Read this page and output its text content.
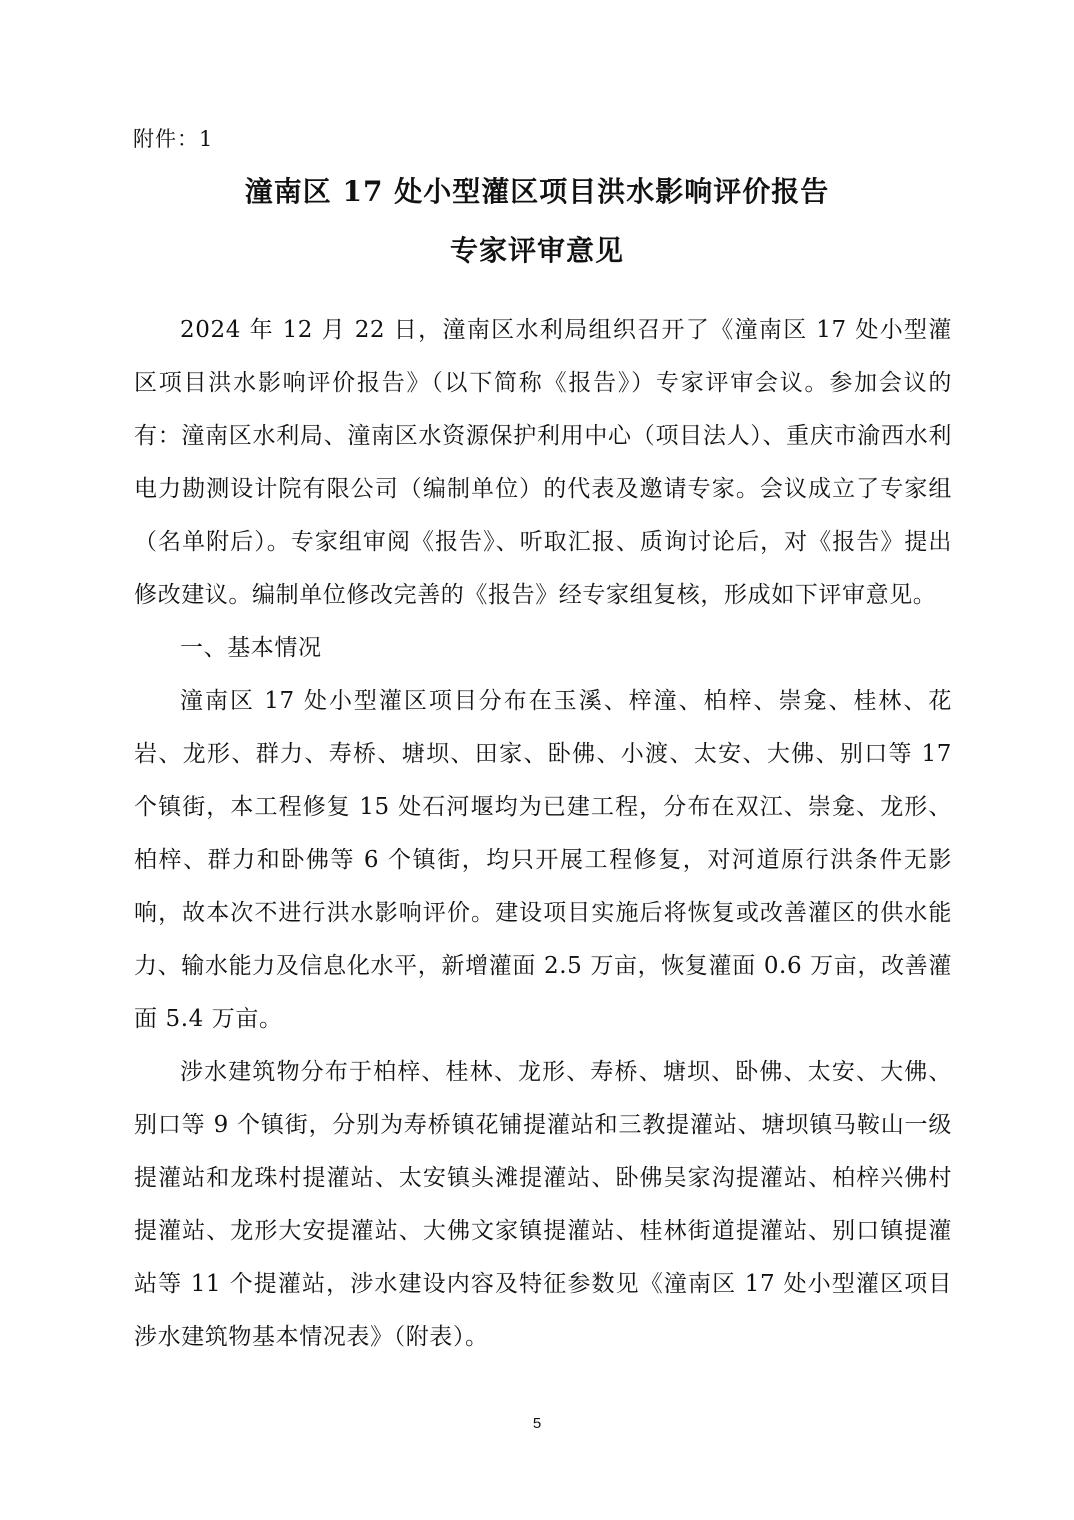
附件：1
潼南区 17 处小型灌区项目洪水影响评价报告
专家评审意见

2024 年 12 月 22 日，潼南区水利局组织召开了《潼南区 17 处小型灌区项目洪水影响评价报告》（以下简称《报告》）专家评审会议。参加会议的有：潼南区水利局、潼南区水资源保护利用中心（项目法人）、重庆市渝西水利电力勘测设计院有限公司（编制单位）的代表及邀请专家。会议成立了专家组（名单附后）。专家组审阅《报告》、听取汇报、质询讨论后，对《报告》提出修改建议。编制单位修改完善的《报告》经专家组复核，形成如下评审意见。

一、基本情况

潼南区 17 处小型灌区项目分布在玉溪、梓潼、柏梓、崇龛、桂林、花岩、龙形、群力、寿桥、塘坝、田家、卧佛、小渡、太安、大佛、别口等 17 个镇街，本工程修复 15 处石河堰均为已建工程，分布在双江、崇龛、龙形、柏梓、群力和卧佛等 6 个镇街，均只开展工程修复，对河道原行洪条件无影响，故本次不进行洪水影响评价。建设项目实施后将恢复或改善灌区的供水能力、输水能力及信息化水平，新增灌面 2.5 万亩，恢复灌面 0.6 万亩，改善灌面 5.4 万亩。

涉水建筑物分布于柏梓、桂林、龙形、寿桥、塘坝、卧佛、太安、大佛、别口等 9 个镇街，分别为寿桥镇花铺提灌站和三教提灌站、塘坝镇马鞍山一级提灌站和龙珠村提灌站、太安镇头滩提灌站、卧佛吴家沟提灌站、柏梓兴佛村提灌站、龙形大安提灌站、大佛文家镇提灌站、桂林街道提灌站、别口镇提灌站等 11 个提灌站，涉水建设内容及特征参数见《潼南区 17 处小型灌区项目涉水建筑物基本情况表》（附表）。

5
